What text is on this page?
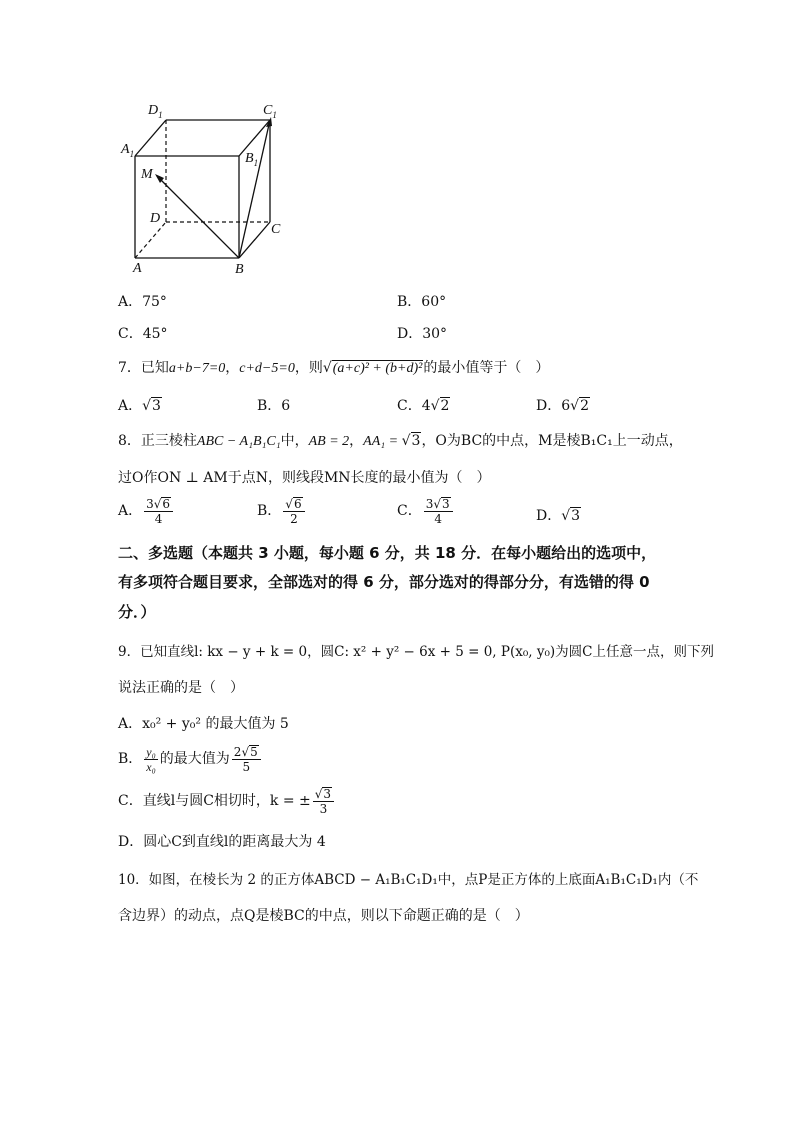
$D_1$	$C_1$
$A_1$	$B_1$
M
D
C
A	B
A．75°	B．60°
C．45°	D．30°
7．已知a+b−7=0，c+d−5=0，则√(a+c)² + (b+d)²的最小值等于（　）
A．√3	B．6	C．4√2	D．6√2
8．正三棱柱ABC − A₁B₁C₁中，AB = 2，AA₁ = √3，O为BC的中点，M是棱B₁C₁上一动点，
过O作ON ⊥ AM于点N，则线段MN长度的最小值为（　）
A． $\frac{3√6}{4}$	B． $\frac{√6}{2}$	C． $\frac{3√3}{4}$	D．√3
二、多选题（本题共 3 小题，每小题 6 分，共 18 分．在每小题给出的选项中，
有多项符合题目要求，全部选对的得 6 分，部分选对的得部分分，有选错的得 0
分．）
9．已知直线l: kx − y + k = 0，圆C: x² + y² − 6x + 5 = 0, P(x₀, y₀)为圆C上任意一点，则下列
说法正确的是（　）
A．x₀² + y₀² 的最大值为 5
B． $\frac{\text{y₀}}{\text{x₀}}$ 的最大值为 $\frac{2√5}{5}$
C．直线l与圆C相切时，k = ± $\frac{√3}{3}$
D．圆心C到直线l的距离最大为 4
10．如图，在棱长为 2 的正方体ABCD − A₁B₁C₁D₁中，点P是正方体的上底面A₁B₁C₁D₁内（不
含边界）的动点，点Q是棱BC的中点，则以下命题正确的是（　）
